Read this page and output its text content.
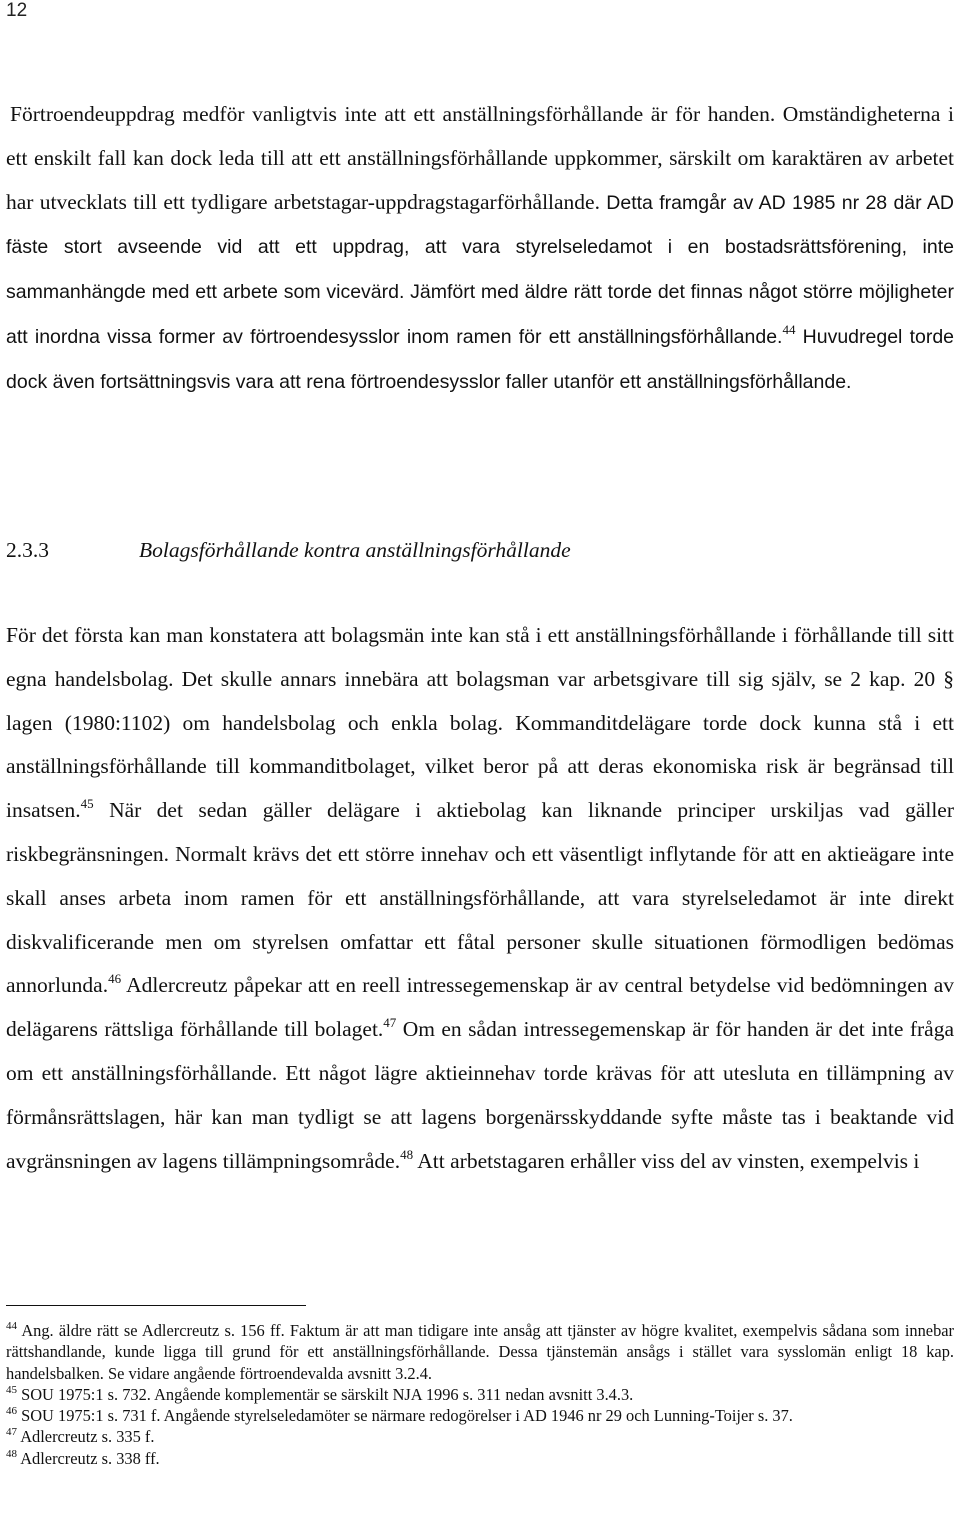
12
Förtroendeuppdrag medför vanligtvis inte att ett anställningsförhållande är för handen. Omständigheterna i ett enskilt fall kan dock leda till att ett anställningsförhållande uppkommer, särskilt om karaktären av arbetet har utvecklats till ett tydligare arbetstagar-uppdragstagarförhållande. Detta framgår av AD 1985 nr 28 där AD fäste stort avseende vid att ett uppdrag, att vara styrelseledamot i en bostadsrättsförening, inte sammanhängde med ett arbete som vicevärd. Jämfört med äldre rätt torde det finnas något större möjligheter att inordna vissa former av förtroendesysslor inom ramen för ett anställningsförhållande.$^{44}$ Huvudregel torde dock även fortsättningsvis vara att rena förtroendesysslor faller utanför ett anställningsförhållande.
2.3.3	Bolagsförhållande kontra anställningsförhållande
För det första kan man konstatera att bolagsmän inte kan stå i ett anställningsförhållande i förhållande till sitt egna handelsbolag. Det skulle annars innebära att bolagsman var arbetsgivare till sig själv, se 2 kap. 20 § lagen (1980:1102) om handelsbolag och enkla bolag. Kommanditdelägare torde dock kunna stå i ett anställningsförhållande till kommanditbolaget, vilket beror på att deras ekonomiska risk är begränsad till insatsen.$^{45}$ När det sedan gäller delägare i aktiebolag kan liknande principer urskiljas vad gäller riskbegränsningen. Normalt krävs det ett större innehav och ett väsentligt inflytande för att en aktieägare inte skall anses arbeta inom ramen för ett anställningsförhållande, att vara styrelseledamot är inte direkt diskvalificerande men om styrelsen omfattar ett fåtal personer skulle situationen förmodligen bedömas annorlunda.$^{46}$ Adlercreutz påpekar att en reell intressegemenskap är av central betydelse vid bedömningen av delägarens rättsliga förhållande till bolaget.$^{47}$ Om en sådan intressegemenskap är för handen är det inte fråga om ett anställningsförhållande. Ett något lägre aktieinnehav torde krävas för att utesluta en tillämpning av förmånsrättslagen, här kan man tydligt se att lagens borgenärsskyddande syfte måste tas i beaktande vid avgränsningen av lagens tillämpningsområde.$^{48}$ Att arbetstagaren erhåller viss del av vinsten, exempelvis i
$^{44}$ Ang. äldre rätt se Adlercreutz s. 156 ff. Faktum är att man tidigare inte ansåg att tjänster av högre kvalitet, exempelvis sådana som innebar rättshandlande, kunde ligga till grund för ett anställningsförhållande. Dessa tjänstemän ansågs i stället vara sysslomän enligt 18 kap. handelsbalken. Se vidare angående förtroendevalda avsnitt 3.2.4.
$^{45}$ SOU 1975:1 s. 732. Angående komplementär se särskilt NJA 1996 s. 311 nedan avsnitt 3.4.3.
$^{46}$ SOU 1975:1 s. 731 f. Angående styrelseledamöter se närmare redogörelser i AD 1946 nr 29 och Lunning-Toijer s. 37.
$^{47}$ Adlercreutz s. 335 f.
$^{48}$ Adlercreutz s. 338 ff.
